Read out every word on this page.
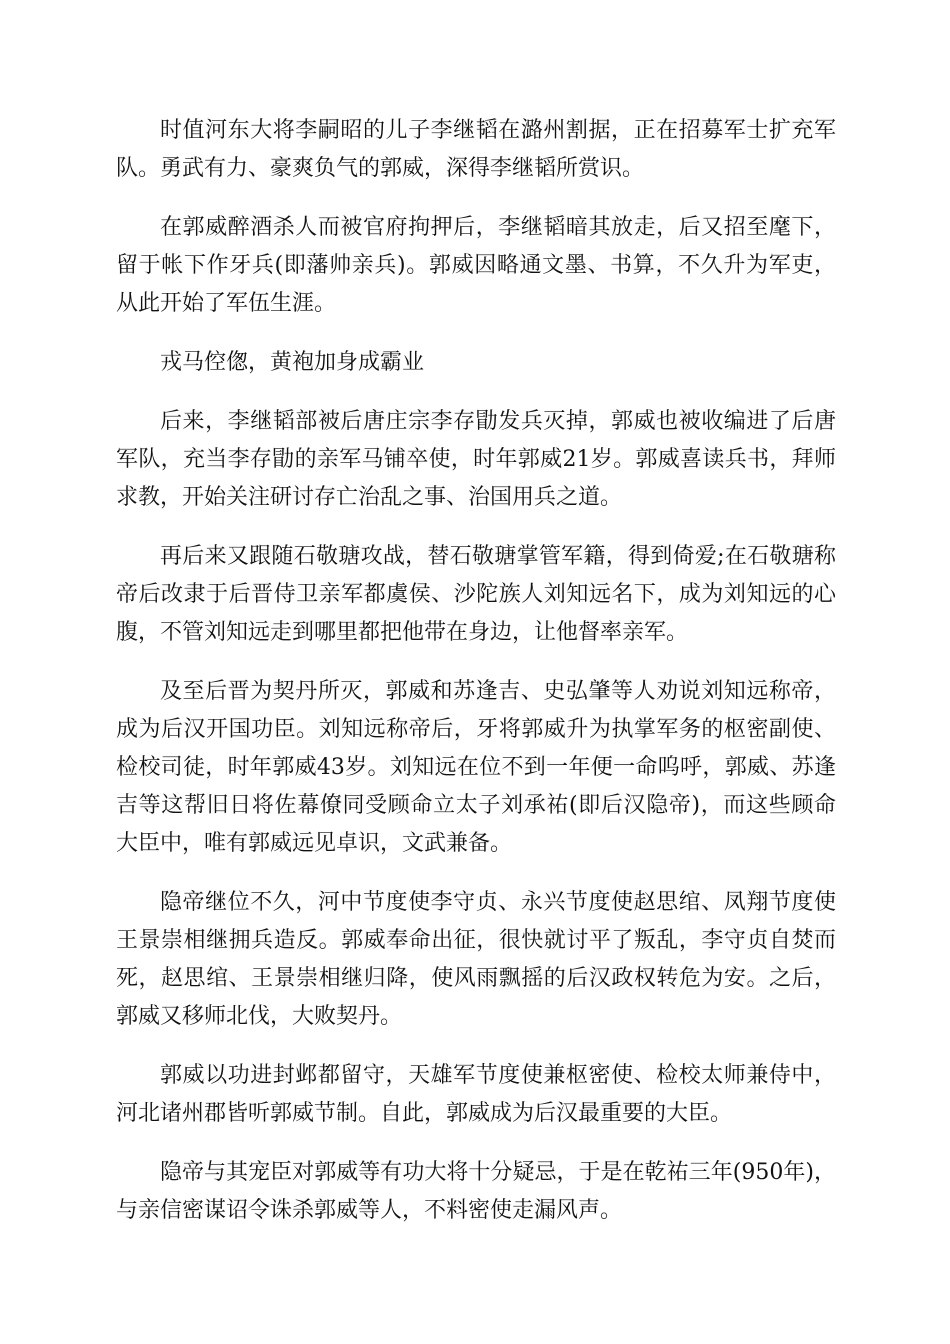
时值河东大将李嗣昭的儿子李继韬在潞州割据，正在招募军士扩充军队。勇武有力、豪爽负气的郭威，深得李继韬所赏识。

在郭威醉酒杀人而被官府拘押后，李继韬暗其放走，后又招至麾下，留于帐下作牙兵(即藩帅亲兵)。郭威因略通文墨、书算，不久升为军吏，从此开始了军伍生涯。

戎马倥偬，黄袍加身成霸业

后来，李继韬部被后唐庄宗李存勖发兵灭掉，郭威也被收编进了后唐军队，充当李存勖的亲军马铺卒使，时年郭威21岁。郭威喜读兵书，拜师求教，开始关注研讨存亡治乱之事、治国用兵之道。

再后来又跟随石敬瑭攻战，替石敬瑭掌管军籍，得到倚爱;在石敬瑭称帝后改隶于后晋侍卫亲军都虞侯、沙陀族人刘知远名下，成为刘知远的心腹，不管刘知远走到哪里都把他带在身边，让他督率亲军。

及至后晋为契丹所灭，郭威和苏逢吉、史弘肇等人劝说刘知远称帝，成为后汉开国功臣。刘知远称帝后，牙将郭威升为执掌军务的枢密副使、检校司徒，时年郭威43岁。刘知远在位不到一年便一命呜呼，郭威、苏逢吉等这帮旧日将佐幕僚同受顾命立太子刘承祐(即后汉隐帝)，而这些顾命大臣中，唯有郭威远见卓识，文武兼备。

隐帝继位不久，河中节度使李守贞、永兴节度使赵思绾、凤翔节度使王景崇相继拥兵造反。郭威奉命出征，很快就讨平了叛乱，李守贞自焚而死，赵思绾、王景崇相继归降，使风雨飘摇的后汉政权转危为安。之后，郭威又移师北伐，大败契丹。

郭威以功进封邺都留守，天雄军节度使兼枢密使、检校太师兼侍中，河北诸州郡皆听郭威节制。自此，郭威成为后汉最重要的大臣。

隐帝与其宠臣对郭威等有功大将十分疑忌，于是在乾祐三年(950年)，与亲信密谋诏令诛杀郭威等人，不料密使走漏风声。
